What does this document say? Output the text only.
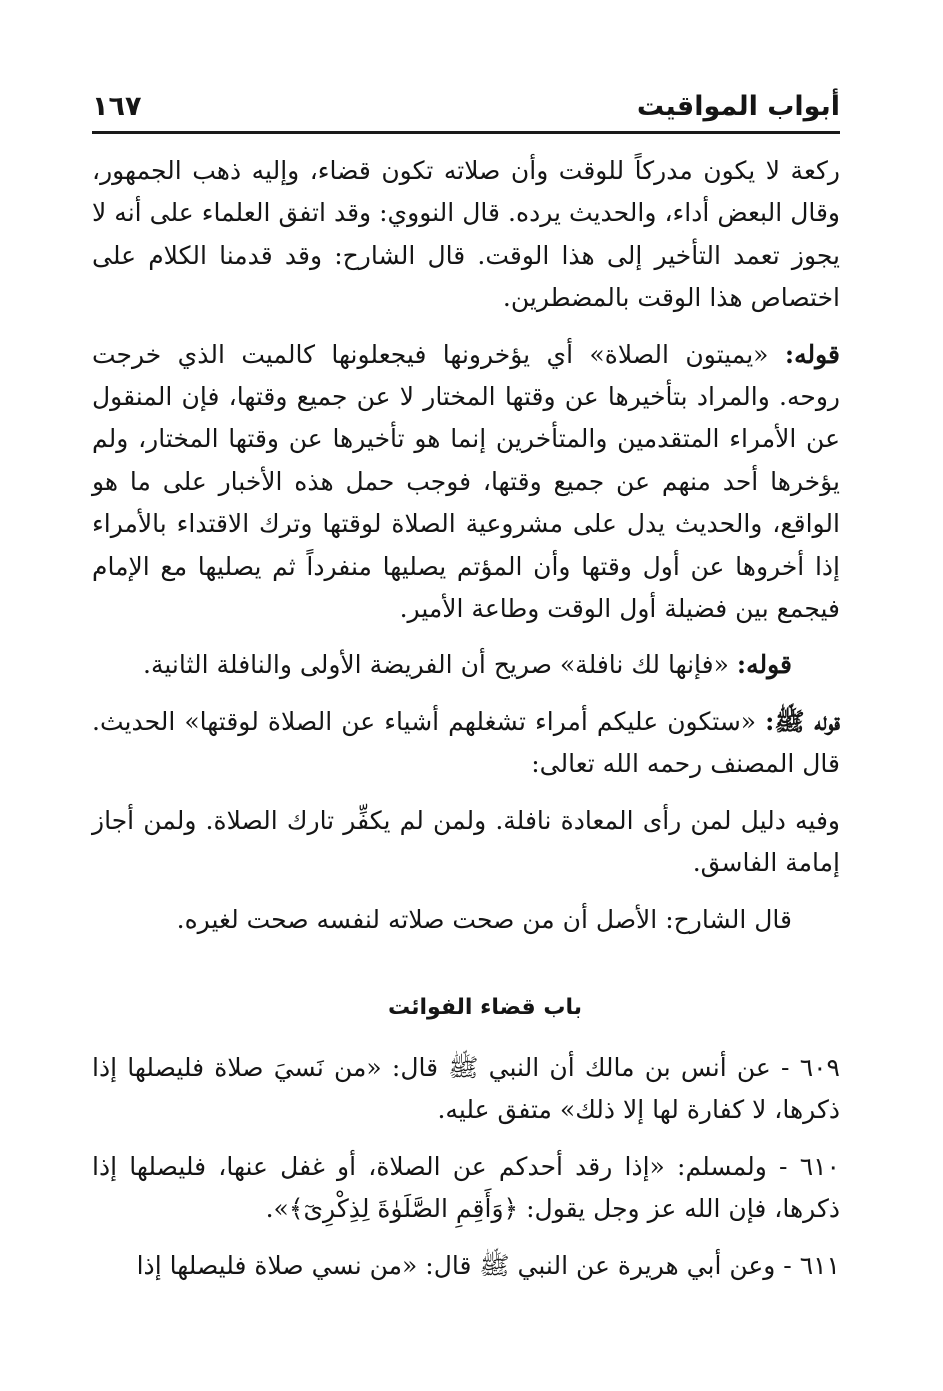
أبواب المواقيت
١٦٧

ركعة لا يكون مدركاً للوقت وأن صلاته تكون قضاء، وإليه ذهب الجمهور، وقال البعض أداء، والحديث يرده. قال النووي: وقد اتفق العلماء على أنه لا يجوز تعمد التأخير إلى هذا الوقت. قال الشارح: وقد قدمنا الكلام على اختصاص هذا الوقت بالمضطرين.

قوله: «يميتون الصلاة» أي يؤخرونها فيجعلونها كالميت الذي خرجت روحه. والمراد بتأخيرها عن وقتها المختار لا عن جميع وقتها، فإن المنقول عن الأمراء المتقدمين والمتأخرين إنما هو تأخيرها عن وقتها المختار، ولم يؤخرها أحد منهم عن جميع وقتها، فوجب حمل هذه الأخبار على ما هو الواقع، والحديث يدل على مشروعية الصلاة لوقتها وترك الاقتداء بالأمراء إذا أخروها عن أول وقتها وأن المؤتم يصليها منفرداً ثم يصليها مع الإمام فيجمع بين فضيلة أول الوقت وطاعة الأمير.

قوله: «فإنها لك نافلة» صريح أن الفريضة الأولى والنافلة الثانية.

قوله ﷺ: «ستكون عليكم أمراء تشغلهم أشياء عن الصلاة لوقتها» الحديث. قال المصنف رحمه الله تعالى:

وفيه دليل لمن رأى المعادة نافلة. ولمن لم يكفِّر تارك الصلاة. ولمن أجاز إمامة الفاسق.

قال الشارح: الأصل أن من صحت صلاته لنفسه صحت لغيره.

باب قضاء الفوائت

٦٠٩ - عن أنس بن مالك أن النبي ﷺ قال: «من نَسيَ صلاة فليصلها إذا ذكرها، لا كفارة لها إلا ذلك» متفق عليه.

٦١٠ - ولمسلم: «إذا رقد أحدكم عن الصلاة، أو غفل عنها، فليصلها إذا ذكرها، فإن الله عز وجل يقول: ﴿وَأَقِمِ الصَّلَوٰةَ لِذِكْرِىٓ﴾».

٦١١ - وعن أبي هريرة عن النبي ﷺ قال: «من نسي صلاة فليصلها إذا
